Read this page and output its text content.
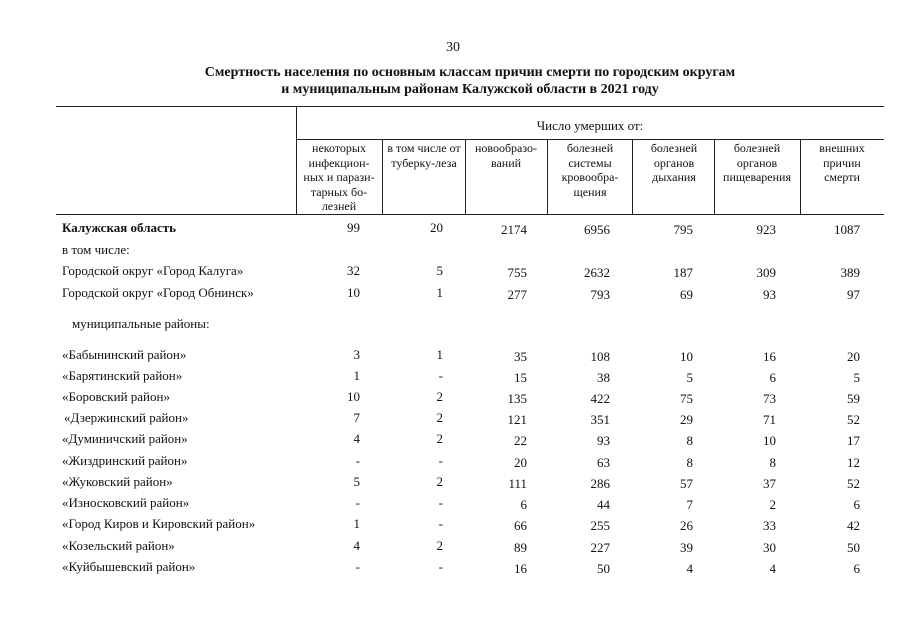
30
Смертность населения по основным классам причин смерти по городским округам
и муниципальным районам Калужской области в 2021 году
Число умерших от:
некоторых инфекцион-ных и парази-тарных бо-лезней
в том числе от туберку-леза
новообразо-ваний
болезней системы кровообра-щения
болезней органов дыхания
болезней органов пищеварения
внешних причин смерти
Калужская область	99	20	2174	6956	795	923	1087
в том числе:
Городской округ «Город Калуга»	32	5	755	2632	187	309	389
Городской округ «Город Обнинск»	10	1	277	793	69	93	97
муниципальные районы:
«Бабынинский район»	3	1	35	108	10	16	20
«Барятинский район»	1	-	15	38	5	6	5
«Боровский район»	10	2	135	422	75	73	59
«Дзержинский район»	7	2	121	351	29	71	52
«Думиничский район»	4	2	22	93	8	10	17
«Жиздринский район»	-	-	20	63	8	8	12
«Жуковский район»	5	2	111	286	57	37	52
«Износковский район»	-	-	6	44	7	2	6
«Город Киров и Кировский район»	1	-	66	255	26	33	42
«Козельский район»	4	2	89	227	39	30	50
«Куйбышевский район»	-	-	16	50	4	4	6
